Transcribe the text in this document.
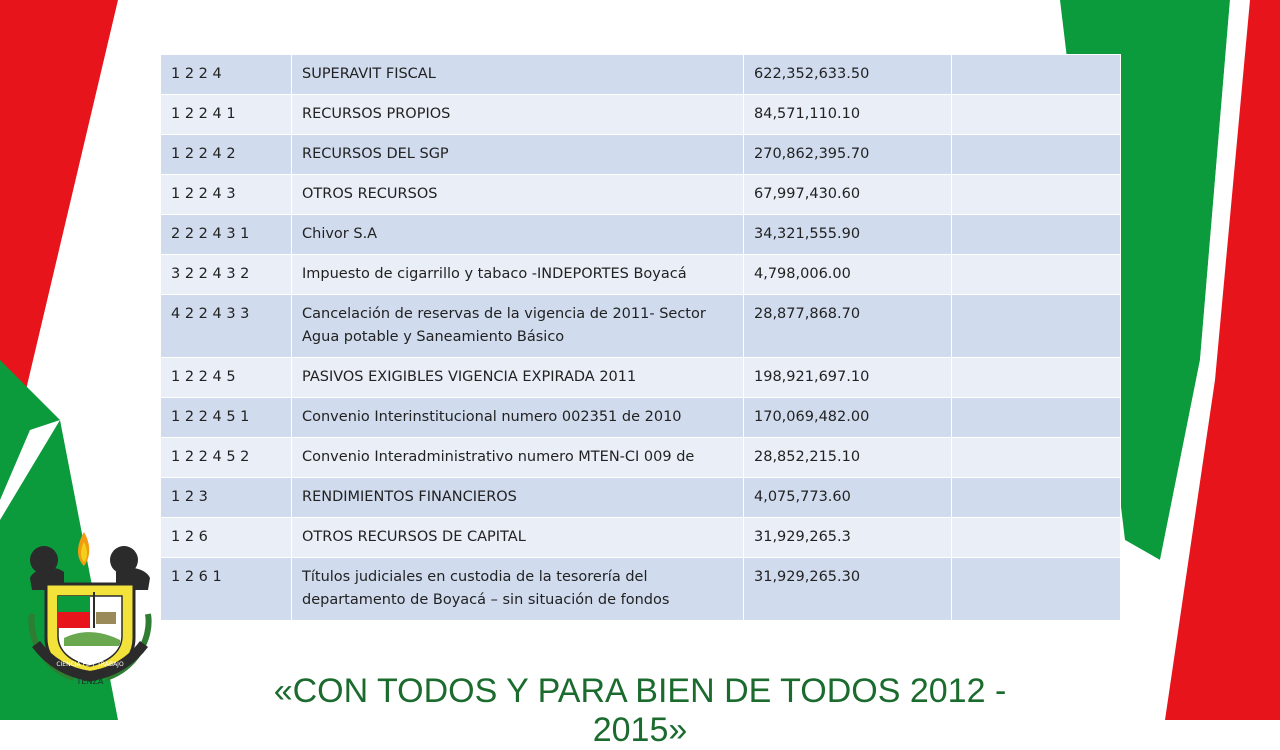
1 2 2 4	SUPERAVIT FISCAL	622,352,633.50	
1 2 2 4 1	RECURSOS PROPIOS	84,571,110.10	
1 2 2 4 2	RECURSOS DEL SGP	270,862,395.70	
1 2 2 4 3	OTROS RECURSOS	67,997,430.60	
2 2 2 4 3 1	Chivor S.A	34,321,555.90	
3 2 2 4 3 2	Impuesto de cigarrillo y tabaco -INDEPORTES Boyacá	4,798,006.00	
4 2 2 4 3 3	Cancelación de reservas de la vigencia de 2011- Sector Agua potable y Saneamiento Básico	28,877,868.70	
1 2 2 4 5	PASIVOS EXIGIBLES VIGENCIA EXPIRADA 2011	198,921,697.10	
1 2 2 4 5 1	Convenio Interinstitucional numero 002351 de 2010	170,069,482.00	
1 2 2 4 5 2	Convenio Interadministrativo numero MTEN-CI 009 de	28,852,215.10	
1 2 3	RENDIMIENTOS FINANCIEROS	4,075,773.60	
1 2 6	OTROS RECURSOS DE CAPITAL	31,929,265.3	
1 2 6 1	Títulos judiciales en custodia de la tesorería del departamento de Boyacá – sin situación de fondos	31,929,265.30	
CIENCIA FE Y TRABAJO
TENZA	«CON TODOS Y PARA BIEN DE TODOS 2012 - 2015»
